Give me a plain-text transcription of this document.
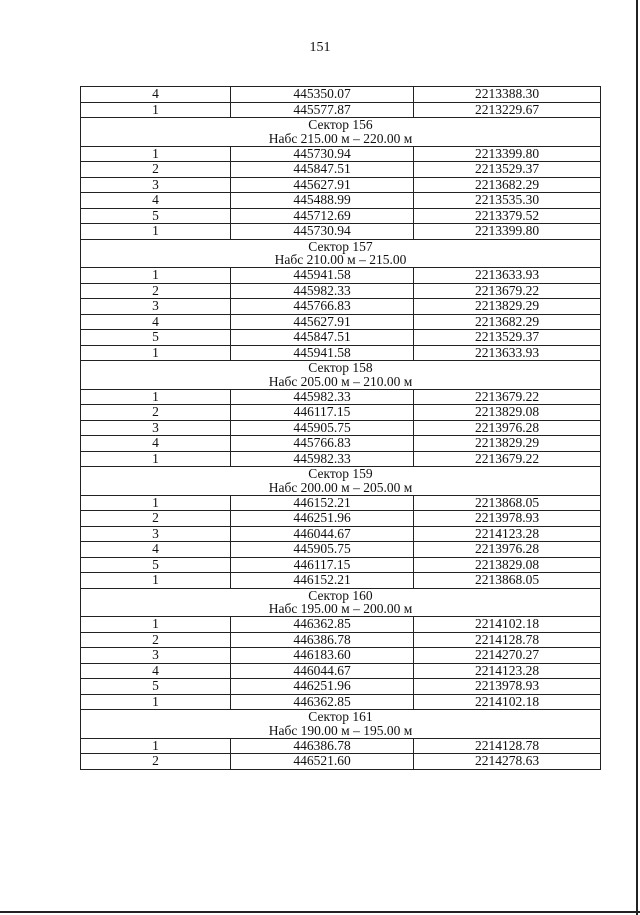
151
4	445350.07	2213388.30
1	445577.87	2213229.67

Сектор 156
Набс 215.00 м – 220.00 м		

1	445730.94	2213399.80
2	445847.51	2213529.37
3	445627.91	2213682.29
4	445488.99	2213535.30
5	445712.69	2213379.52
1	445730.94	2213399.80

Сектор 157
Набс 210.00 м – 215.00		

1	445941.58	2213633.93
2	445982.33	2213679.22
3	445766.83	2213829.29
4	445627.91	2213682.29
5	445847.51	2213529.37
1	445941.58	2213633.93

Сектор 158
Набс 205.00 м – 210.00 м		

1	445982.33	2213679.22
2	446117.15	2213829.08
3	445905.75	2213976.28
4	445766.83	2213829.29
1	445982.33	2213679.22

Сектор 159
Набс 200.00 м – 205.00 м		

1	446152.21	2213868.05
2	446251.96	2213978.93
3	446044.67	2214123.28
4	445905.75	2213976.28
5	446117.15	2213829.08
1	446152.21	2213868.05

Сектор 160
Набс 195.00 м – 200.00 м		

1	446362.85	2214102.18
2	446386.78	2214128.78
3	446183.60	2214270.27
4	446044.67	2214123.28
5	446251.96	2213978.93
1	446362.85	2214102.18

Сектор 161
Набс 190.00 м – 195.00 м		

1	446386.78	2214128.78
2	446521.60	2214278.63
